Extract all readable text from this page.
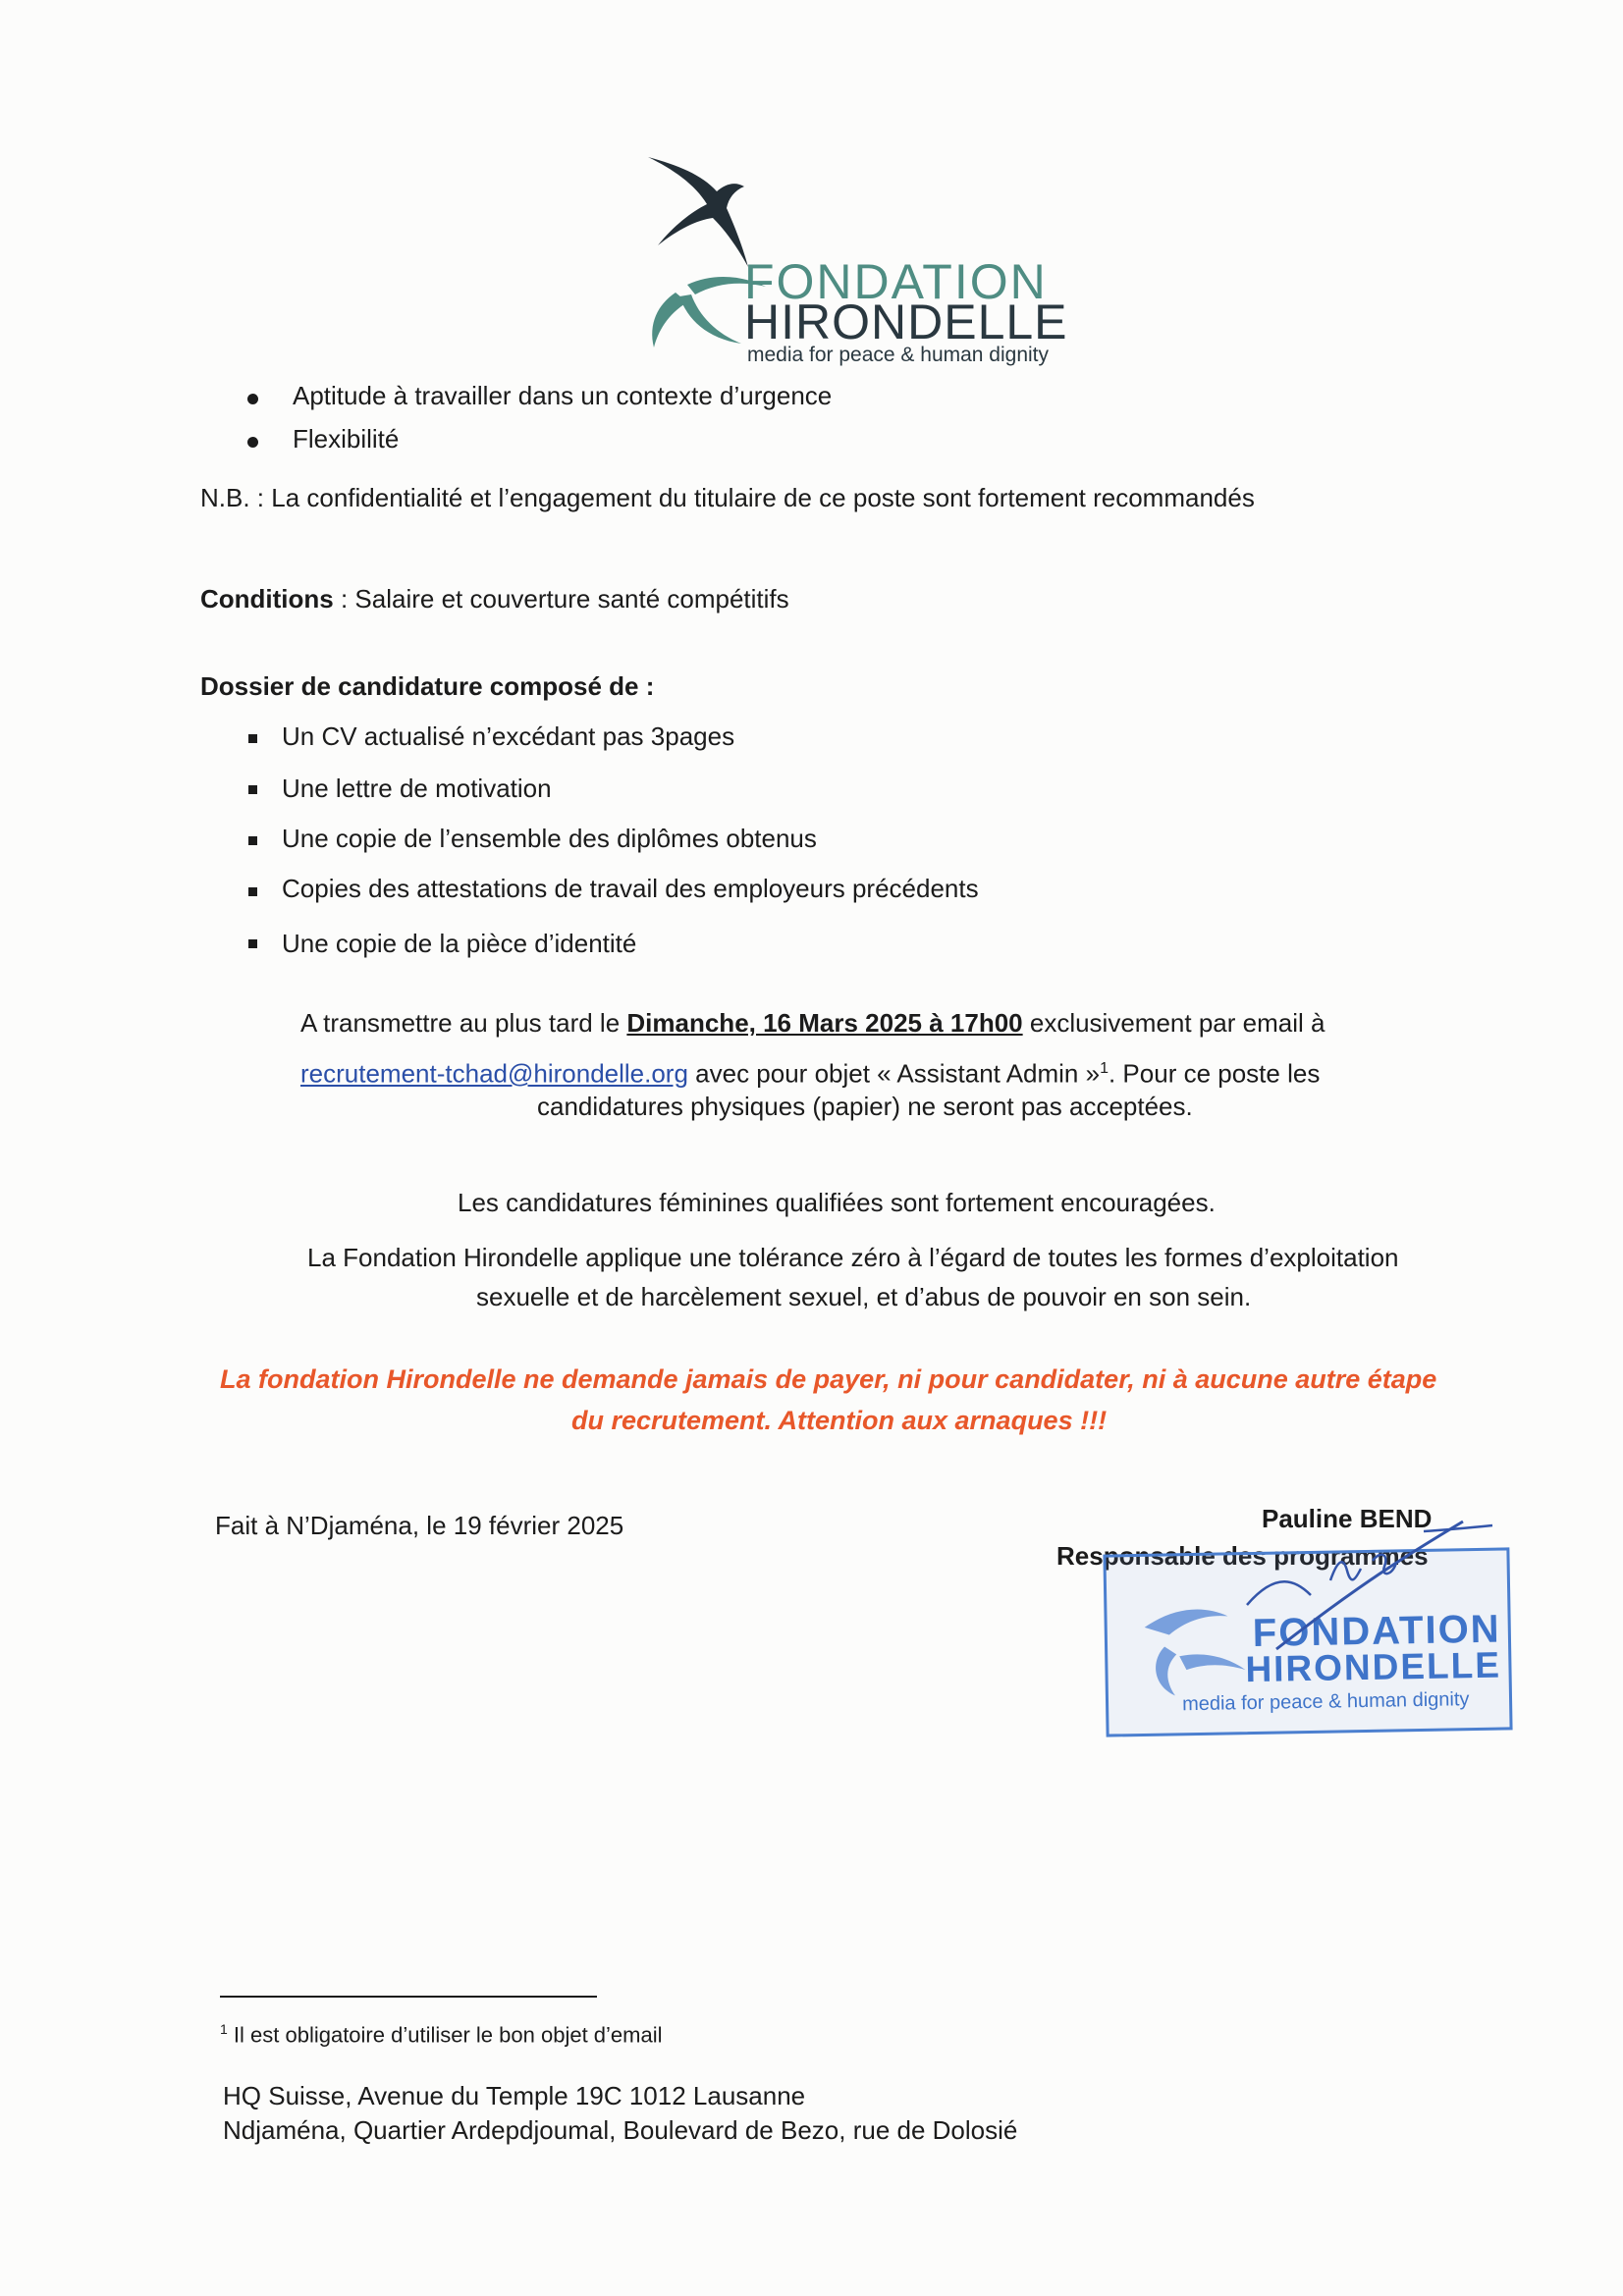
FONDATION
HIRONDELLE
media for peace & human dignity
Aptitude à travailler dans un contexte d’urgence
Flexibilité
N.B. : La confidentialité et l’engagement du titulaire de ce poste sont fortement recommandés
Conditions : Salaire et couverture santé compétitifs
Dossier de candidature composé de :
Un CV actualisé n’excédant pas 3pages
Une lettre de motivation
Une copie de l’ensemble des diplômes obtenus
Copies des attestations de travail des employeurs précédents
Une copie de la pièce d’identité
A transmettre au plus tard le Dimanche, 16 Mars 2025 à 17h00 exclusivement par email à
recrutement-tchad@hirondelle.org avec pour objet « Assistant Admin »$^1$. Pour ce poste les
candidatures physiques (papier) ne seront pas acceptées.
Les candidatures féminines qualifiées sont fortement encouragées.
La Fondation Hirondelle applique une tolérance zéro à l’égard de toutes les formes d’exploitation
sexuelle et de harcèlement sexuel, et d’abus de pouvoir en son sein.
La fondation Hirondelle ne demande jamais de payer, ni pour candidater, ni à aucune autre étape
du recrutement. Attention aux arnaques !!!
Fait à N’Djaména, le 19 février 2025	Pauline BEND
Responsable des programmes
FONDATION
HIRONDELLE
media for peace & human dignity
$^1$ Il est obligatoire d’utiliser le bon objet d’email
HQ Suisse, Avenue du Temple 19C 1012 Lausanne
Ndjaména, Quartier Ardepdjoumal, Boulevard de Bezo, rue de Dolosié
